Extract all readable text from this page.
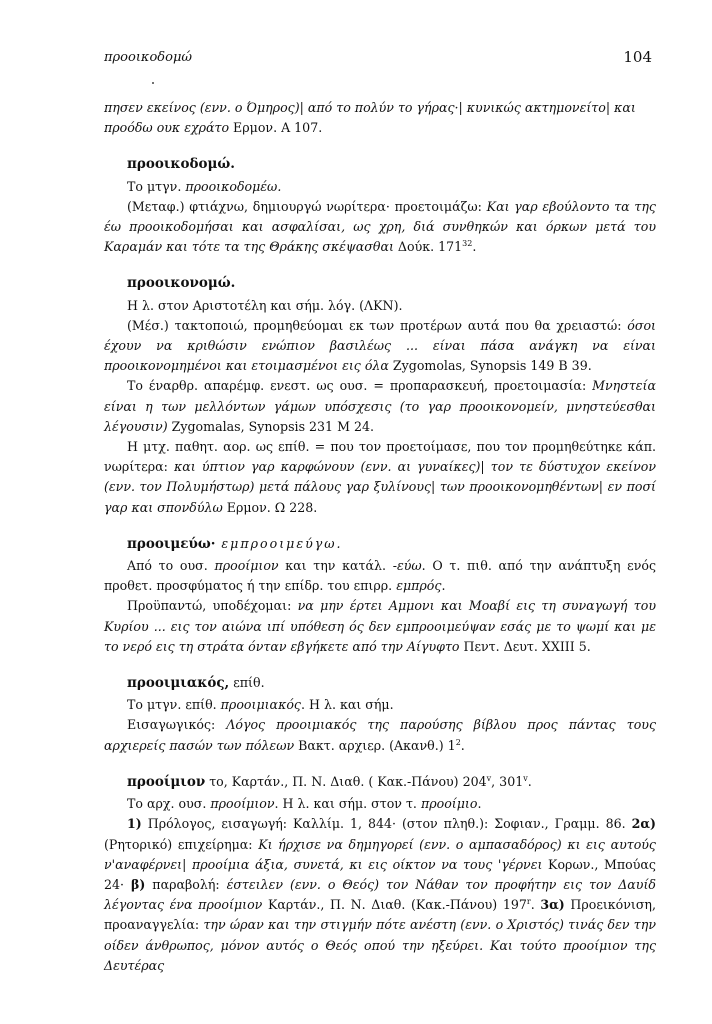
προοικοδομώ	104

πησεν εκείνος (ενν. ο Όμηρος)| από το πολύν το γήρας·| κυνικώς ακτημονείτο| και
προόδω ουκ εχράτο Ερμον. Α 107.

προοικοδομώ.

Το μτγν. προοικοδομέω.

(Μεταφ.) φτιάχνω, δημιουργώ νωρίτερα· προετοιμάζω: Και γαρ εβούλοντο τα της έω προοικοδομήσαι και ασφαλίσαι, ως χρη, διά συνθηκών και όρκων μετά του Καραμάν και τότε τα της Θράκης σκέψασθαι Δούκ. $171^{32}$.

προοικονομώ.

Η λ. στον Αριστοτέλη και σήμ. λόγ. (ΛΚΝ).

(Μέσ.) τακτοποιώ, προμηθεύομαι εκ των προτέρων αυτά που θα χρειαστώ: όσοι έχουν να κριθώσιν ενώπιον βασιλέως ... είναι πάσα ανάγκη να είναι προοικονομημένοι και ετοιμασμένοι εις όλα Zygomolas, Synopsis 149 B 39.

Το έναρθρ. απαρέμφ. ενεστ. ως ουσ. = προπαρασκευή, προετοιμασία: Μνηστεία είναι η των μελλόντων γάμων υπόσχεσις (το γαρ προοικονομείν, μνηστεύεσθαι λέγουσιν) Zygomalas, Synopsis 231 M 24.

Η μτχ. παθητ. αορ. ως επίθ. = που τον προετοίμασε, που τον προμηθεύτηκε κάπ. νωρίτερα: και ύπτιον γαρ καρφώνουν (ενν. αι γυναίκες)| τον τε δύστυχον εκείνον (ενν. τον Πολυμήστωρ) μετά πάλους γαρ ξυλίνους| των προοικονομηθέντων| εν ποσί γαρ και σπονδύλω Ερμον. Ω 228.

προοιμεύω· εμπροοιμεύγω.

Από το ουσ. προοίμιον και την κατάλ. -εύω. Ο τ. πιθ. από την ανάπτυξη ενός προθετ. προσφύματος ή την επίδρ. του επιρρ. εμπρός.

Προϋπαντώ, υποδέχομαι: να μην έρτει Αμμονι και Μοαβί εις τη συναγωγή του Κυρίου ... εις τον αιώνα ιπί υπόθεση ός δεν εμπροοιμεύψαν εσάς με το ψωμί και με το νερό εις τη στράτα όνταν εβγήκετε από την Αίγυφτο Πεντ. Δευτ. XXIII 5.

προοιμιακός, επίθ.

Το μτγν. επίθ. προοιμιακός. Η λ. και σήμ.

Εισαγωγικός: Λόγος προοιμιακός της παρούσης βίβλου προς πάντας τους αρχιερείς πασών των πόλεων Βακτ. αρχιερ. (Ακανθ.) $1^2$.

προοίμιον το, Καρτάν., Π. Ν. Διαθ. ( Κακ.-Πάνου) 204$^v$, 301$^v$.

Το αρχ. ουσ. προοίμιον. Η λ. και σήμ. στον τ. προοίμιο.

1) Πρόλογος, εισαγωγή: Καλλίμ. 1, 844· (στον πληθ.): Σοφιαν., Γραμμ. 86. 2α) (Ρητορικό) επιχείρημα: Κι ήρχισε να δημηγορεί (ενν. ο αμπασαδόρος) κι εις αυτούς ν'αναφέρνει| προοίμια άξια, συνετά, κι εις οίκτον να τους 'γέρνει Κορων., Μπούας 24· β) παραβολή: έστειλεν (ενν. ο Θεός) τον Νάθαν τον προφήτην εις τον Δαυίδ λέγοντας ένα προοίμιον Καρτάν., Π. Ν. Διαθ. (Κακ.-Πάνου) 197$^r$. 3α) Προεικόνιση, προαναγγελία: την ώραν και την στιγμήν πότε ανέστη (ενν. ο Χριστός) τινάς δεν την οίδεν άνθρωπος, μόνον αυτός ο Θεός οπού την ηξεύρει. Και τούτο προοίμιον της Δευτέρας
